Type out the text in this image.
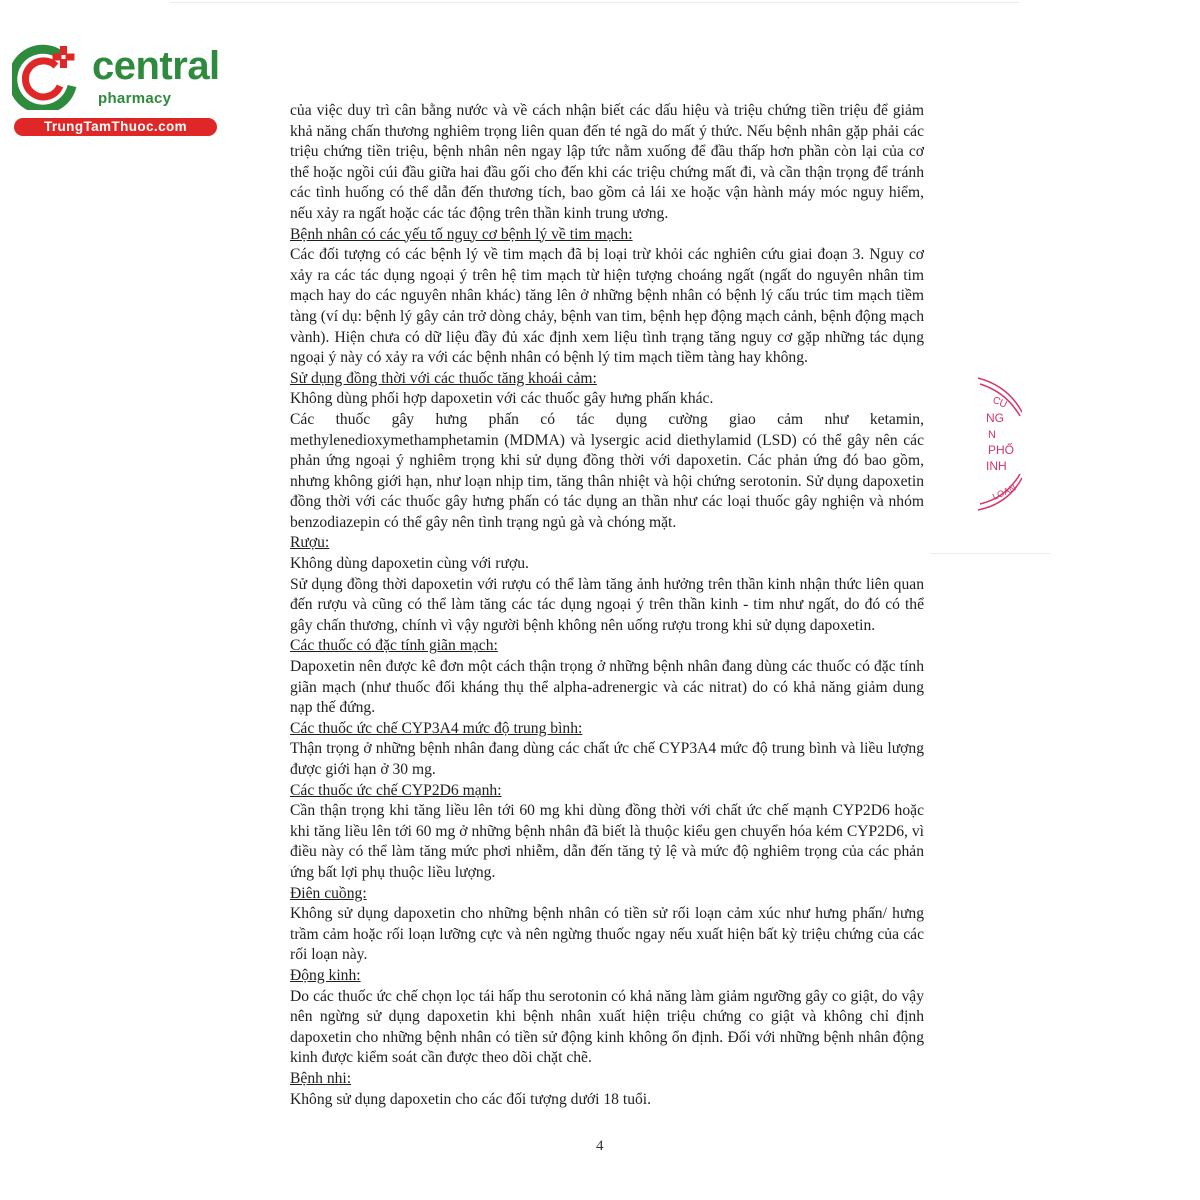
central
pharmacy
TrungTamThuoc.com

của việc duy trì cân bằng nước và về cách nhận biết các dấu hiệu và triệu chứng tiền triệu để giảm khả năng chấn thương nghiêm trọng liên quan đến té ngã do mất ý thức. Nếu bệnh nhân gặp phải các triệu chứng tiền triệu, bệnh nhân nên ngay lập tức nằm xuống để đầu thấp hơn phần còn lại của cơ thể hoặc ngồi cúi đầu giữa hai đầu gối cho đến khi các triệu chứng mất đi, và cần thận trọng để tránh các tình huống có thể dẫn đến thương tích, bao gồm cả lái xe hoặc vận hành máy móc nguy hiểm, nếu xảy ra ngất hoặc các tác động trên thần kinh trung ương.

Bệnh nhân có các yếu tố nguy cơ bệnh lý về tim mạch:

Các đối tượng có các bệnh lý về tim mạch đã bị loại trừ khỏi các nghiên cứu giai đoạn 3. Nguy cơ xảy ra các tác dụng ngoại ý trên hệ tim mạch từ hiện tượng choáng ngất (ngất do nguyên nhân tim mạch hay do các nguyên nhân khác) tăng lên ở những bệnh nhân có bệnh lý cấu trúc tim mạch tiềm tàng (ví dụ: bệnh lý gây cản trở dòng chảy, bệnh van tim, bệnh hẹp động mạch cảnh, bệnh động mạch vành). Hiện chưa có dữ liệu đầy đủ xác định xem liệu tình trạng tăng nguy cơ gặp những tác dụng ngoại ý này có xảy ra với các bệnh nhân có bệnh lý tim mạch tiềm tàng hay không.

Sử dụng đồng thời với các thuốc tăng khoái cảm:

Không dùng phối hợp dapoxetin với các thuốc gây hưng phấn khác.

Các thuốc gây hưng phấn có tác dụng cường giao cảm như ketamin, methylenedioxymethamphetamin (MDMA) và lysergic acid diethylamid (LSD) có thể gây nên các phản ứng ngoại ý nghiêm trọng khi sử dụng đồng thời với dapoxetin. Các phản ứng đó bao gồm, nhưng không giới hạn, như loạn nhịp tim, tăng thân nhiệt và hội chứng serotonin. Sử dụng dapoxetin đồng thời với các thuốc gây hưng phấn có tác dụng an thần như các loại thuốc gây nghiện và nhóm benzodiazepin có thể gây nên tình trạng ngủ gà và chóng mặt.

Rượu:

Không dùng dapoxetin cùng với rượu.

Sử dụng đồng thời dapoxetin với rượu có thể làm tăng ảnh hưởng trên thần kinh nhận thức liên quan đến rượu và cũng có thể làm tăng các tác dụng ngoại ý trên thần kinh - tim như ngất, do đó có thể gây chấn thương, chính vì vậy người bệnh không nên uống rượu trong khi sử dụng dapoxetin.

Các thuốc có đặc tính giãn mạch:

Dapoxetin nên được kê đơn một cách thận trọng ở những bệnh nhân đang dùng các thuốc có đặc tính giãn mạch (như thuốc đối kháng thụ thể alpha-adrenergic và các nitrat) do có khả năng giảm dung nạp thế đứng.

Các thuốc ức chế CYP3A4 mức độ trung bình:

Thận trọng ở những bệnh nhân đang dùng các chất ức chế CYP3A4 mức độ trung bình và liều lượng được giới hạn ở 30 mg.

Các thuốc ức chế CYP2D6 mạnh:

Cần thận trọng khi tăng liều lên tới 60 mg khi dùng đồng thời với chất ức chế mạnh CYP2D6 hoặc khi tăng liều lên tới 60 mg ở những bệnh nhân đã biết là thuộc kiểu gen chuyển hóa kém CYP2D6, vì điều này có thể làm tăng mức phơi nhiễm, dẫn đến tăng tỷ lệ và mức độ nghiêm trọng của các phản ứng bất lợi phụ thuộc liều lượng.

Điên cuồng:

Không sử dụng dapoxetin cho những bệnh nhân có tiền sử rối loạn cảm xúc như hưng phấn/ hưng trầm cảm hoặc rối loạn lưỡng cực và nên ngừng thuốc ngay nếu xuất hiện bất kỳ triệu chứng của các rối loạn này.

Động kinh:

Do các thuốc ức chế chọn lọc tái hấp thu serotonin có khả năng làm giảm ngưỡng gây co giật, do vậy nên ngừng sử dụng dapoxetin khi bệnh nhân xuất hiện triệu chứng co giật và không chỉ định dapoxetin cho những bệnh nhân có tiền sử động kinh không ổn định. Đối với những bệnh nhân động kinh được kiểm soát cần được theo dõi chặt chẽ.

Bệnh nhi:

Không sử dụng dapoxetin cho các đối tượng dưới 18 tuổi.

CU
NG
N
PHỐ
INH
LOAN
4
